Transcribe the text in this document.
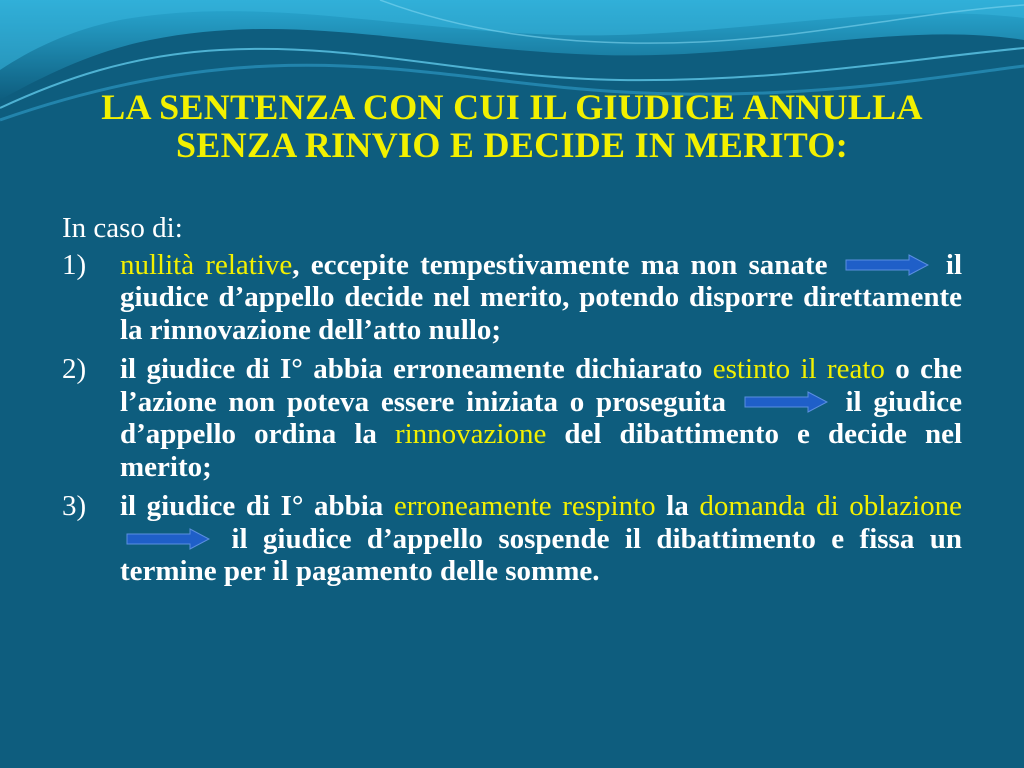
LA SENTENZA CON CUI IL GIUDICE ANNULLA
SENZA RINVIO E DECIDE IN MERITO:
In caso di:
1) nullità relative, eccepite tempestivamente ma non sanate	il giudice d’appello decide nel merito, potendo disporre direttamente la rinnovazione dell’atto nullo;
2) il giudice di I° abbia erroneamente dichiarato estinto il reato o che l’azione non poteva essere iniziata o proseguita	il giudice d’appello ordina la rinnovazione del dibattimento e decide nel merito;
3) il giudice di I° abbia erroneamente respinto la domanda di oblazione
il giudice d’appello sospende il dibattimento e fissa un termine per il pagamento delle somme.
